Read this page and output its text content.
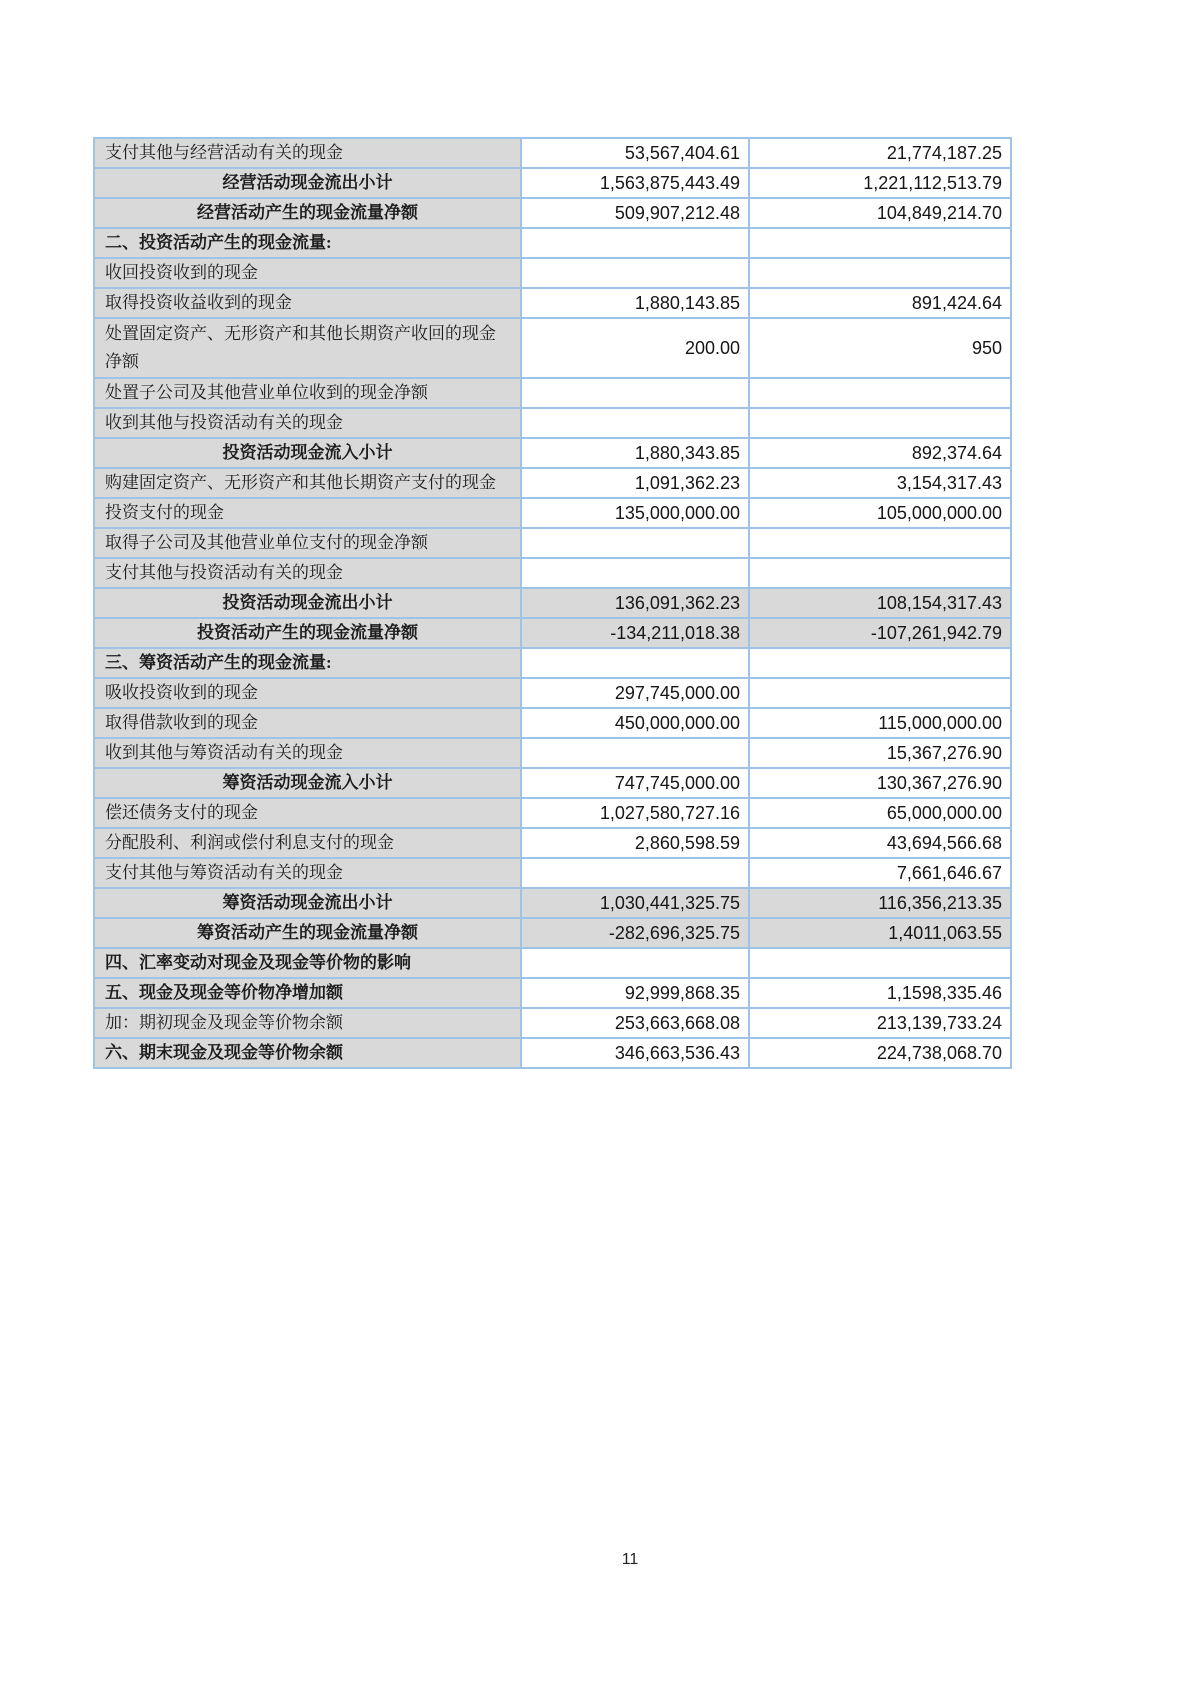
支付其他与经营活动有关的现金	53,567,404.61	21,774,187.25
经营活动现金流出小计	1,563,875,443.49	1,221,112,513.79
经营活动产生的现金流量净额	509,907,212.48	104,849,214.70
二、投资活动产生的现金流量:		
收回投资收到的现金		
取得投资收益收到的现金	1,880,143.85	891,424.64
处置固定资产、无形资产和其他长期资产收回的现金净额	200.00	950
处置子公司及其他营业单位收到的现金净额		
收到其他与投资活动有关的现金		
投资活动现金流入小计	1,880,343.85	892,374.64
购建固定资产、无形资产和其他长期资产支付的现金	1,091,362.23	3,154,317.43
投资支付的现金	135,000,000.00	105,000,000.00
取得子公司及其他营业单位支付的现金净额		
支付其他与投资活动有关的现金		
投资活动现金流出小计	136,091,362.23	108,154,317.43
投资活动产生的现金流量净额	-134,211,018.38	-107,261,942.79
三、筹资活动产生的现金流量:		
吸收投资收到的现金	297,745,000.00	
取得借款收到的现金	450,000,000.00	115,000,000.00
收到其他与筹资活动有关的现金		15,367,276.90
筹资活动现金流入小计	747,745,000.00	130,367,276.90
偿还债务支付的现金	1,027,580,727.16	65,000,000.00
分配股利、利润或偿付利息支付的现金	2,860,598.59	43,694,566.68
支付其他与筹资活动有关的现金		7,661,646.67
筹资活动现金流出小计	1,030,441,325.75	116,356,213.35
筹资活动产生的现金流量净额	-282,696,325.75	1,4011,063.55
四、汇率变动对现金及现金等价物的影响		
五、现金及现金等价物净增加额	92,999,868.35	1,1598,335.46
加：期初现金及现金等价物余额	253,663,668.08	213,139,733.24
六、期末现金及现金等价物余额	346,663,536.43	224,738,068.70
11
